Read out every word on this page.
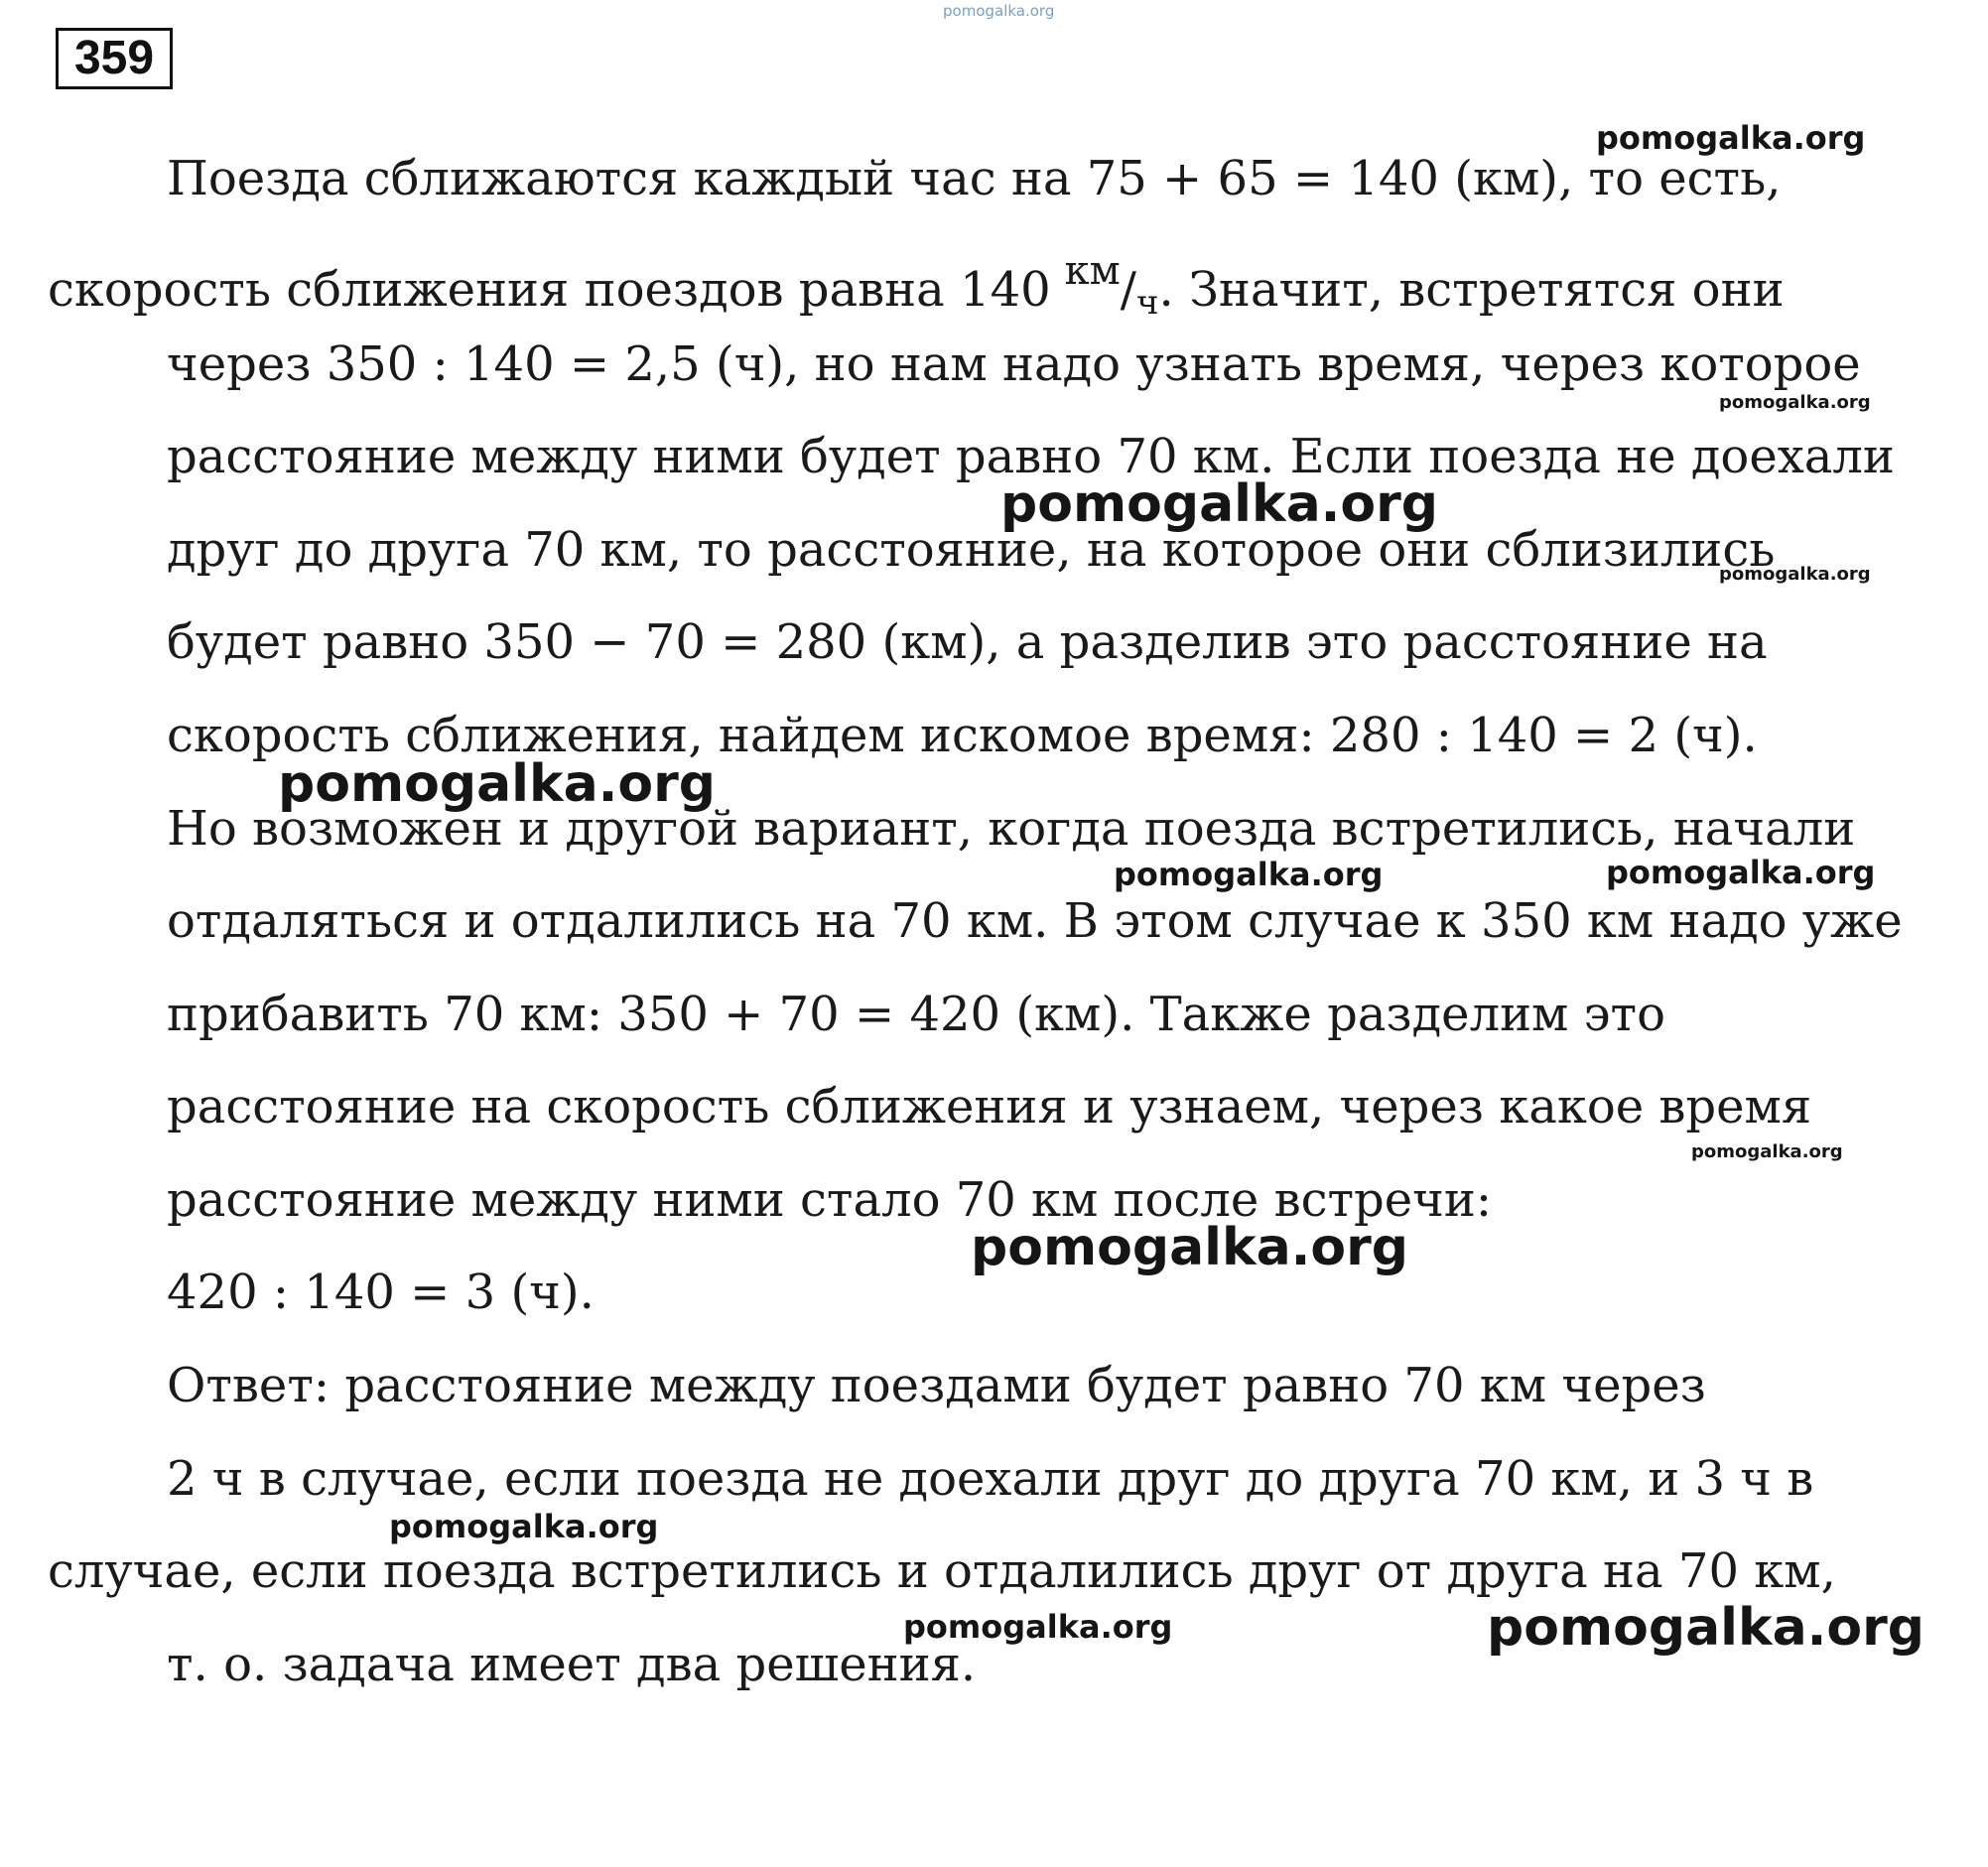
359
Поезда сближаются каждый час на 75 + 65 = 140 (км), то есть,
скорость сближения поездов равна 140 $^{км}$/ч. Значит, встретятся они
через 350 : 140 = 2,5 (ч), но нам надо узнать время, через которое
расстояние между ними будет равно 70 км. Если поезда не доехали
друг до друга 70 км, то расстояние, на которое они сблизились
будет равно 350 − 70 = 280 (км), а разделив это расстояние на
скорость сближения, найдем искомое время: 280 : 140 = 2 (ч).
Но возможен и другой вариант, когда поезда встретились, начали
отдаляться и отдалились на 70 км. В этом случае к 350 км надо уже
прибавить 70 км: 350 + 70 = 420 (км). Также разделим это
расстояние на скорость сближения и узнаем, через какое время
расстояние между ними стало 70 км после встречи:
420 : 140 = 3 (ч).
Ответ: расстояние между поездами будет равно 70 км через
2 ч в случае, если поезда не доехали друг до друга 70 км, и 3 ч в
случае, если поезда встретились и отдалились друг от друга на 70 км,
т. о. задача имеет два решения.
pomogalka.org
pomogalka.org
pomogalka.org
pomogalka.org
pomogalka.org
pomogalka.org
pomogalka.org	pomogalka.org
pomogalka.org
pomogalka.org
pomogalka.org
pomogalka.org	pomogalka.org
